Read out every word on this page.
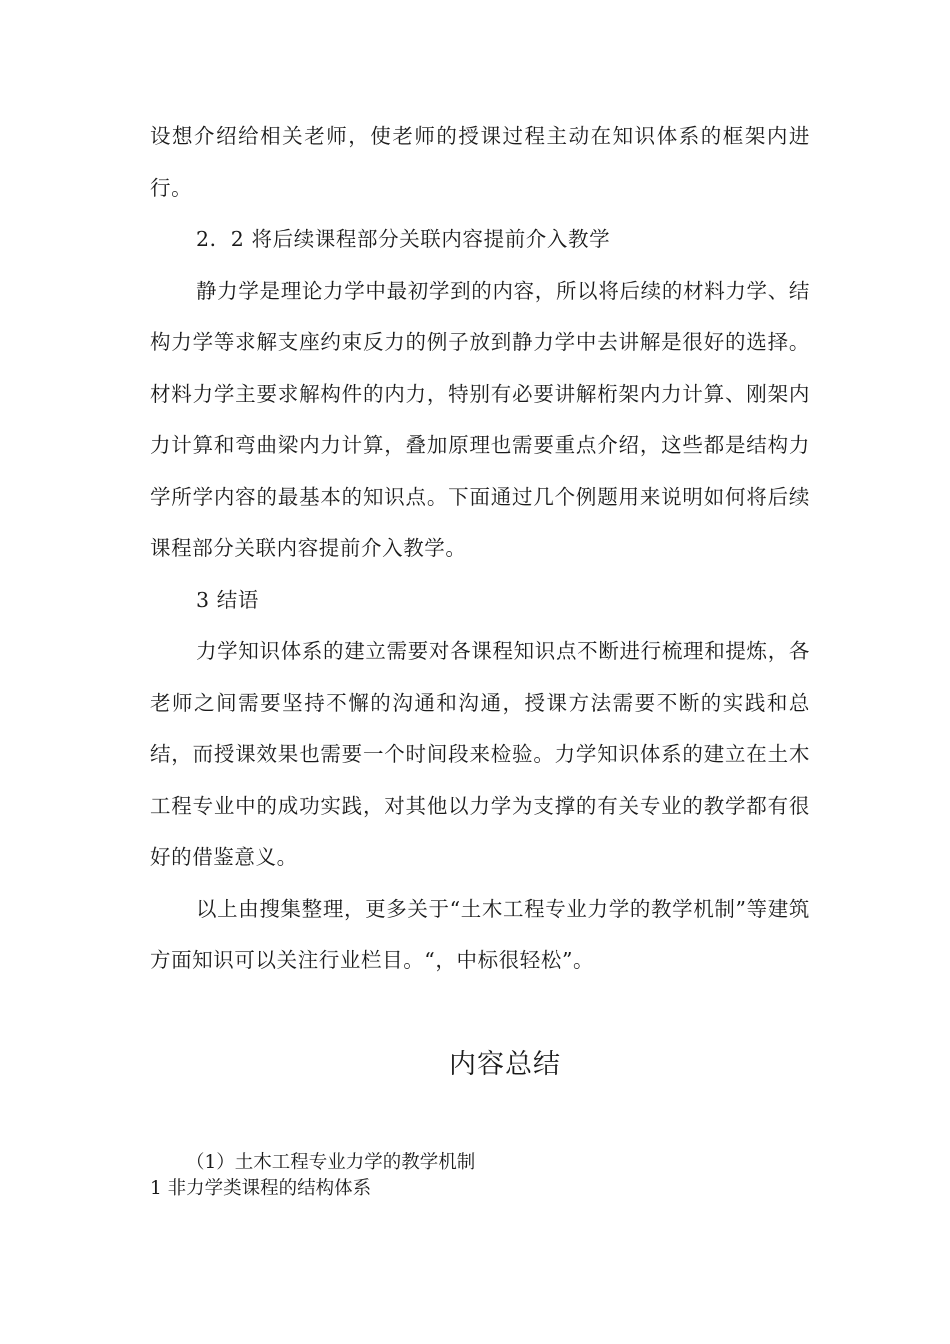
设想介绍给相关老师，使老师的授课过程主动在知识体系的框架内进行。

2．2 将后续课程部分关联内容提前介入教学

静力学是理论力学中最初学到的内容，所以将后续的材料力学、结构力学等求解支座约束反力的例子放到静力学中去讲解是很好的选择。材料力学主要求解构件的内力，特别有必要讲解桁架内力计算、刚架内力计算和弯曲梁内力计算，叠加原理也需要重点介绍，这些都是结构力学所学内容的最基本的知识点。下面通过几个例题用来说明如何将后续课程部分关联内容提前介入教学。

3 结语

力学知识体系的建立需要对各课程知识点不断进行梳理和提炼，各老师之间需要坚持不懈的沟通和沟通，授课方法需要不断的实践和总结，而授课效果也需要一个时间段来检验。力学知识体系的建立在土木工程专业中的成功实践，对其他以力学为支撑的有关专业的教学都有很好的借鉴意义。

以上由搜集整理，更多关于“土木工程专业力学的教学机制”等建筑方面知识可以关注行业栏目。“，中标很轻松”。

内容总结
（1）土木工程专业力学的教学机制
1 非力学类课程的结构体系
